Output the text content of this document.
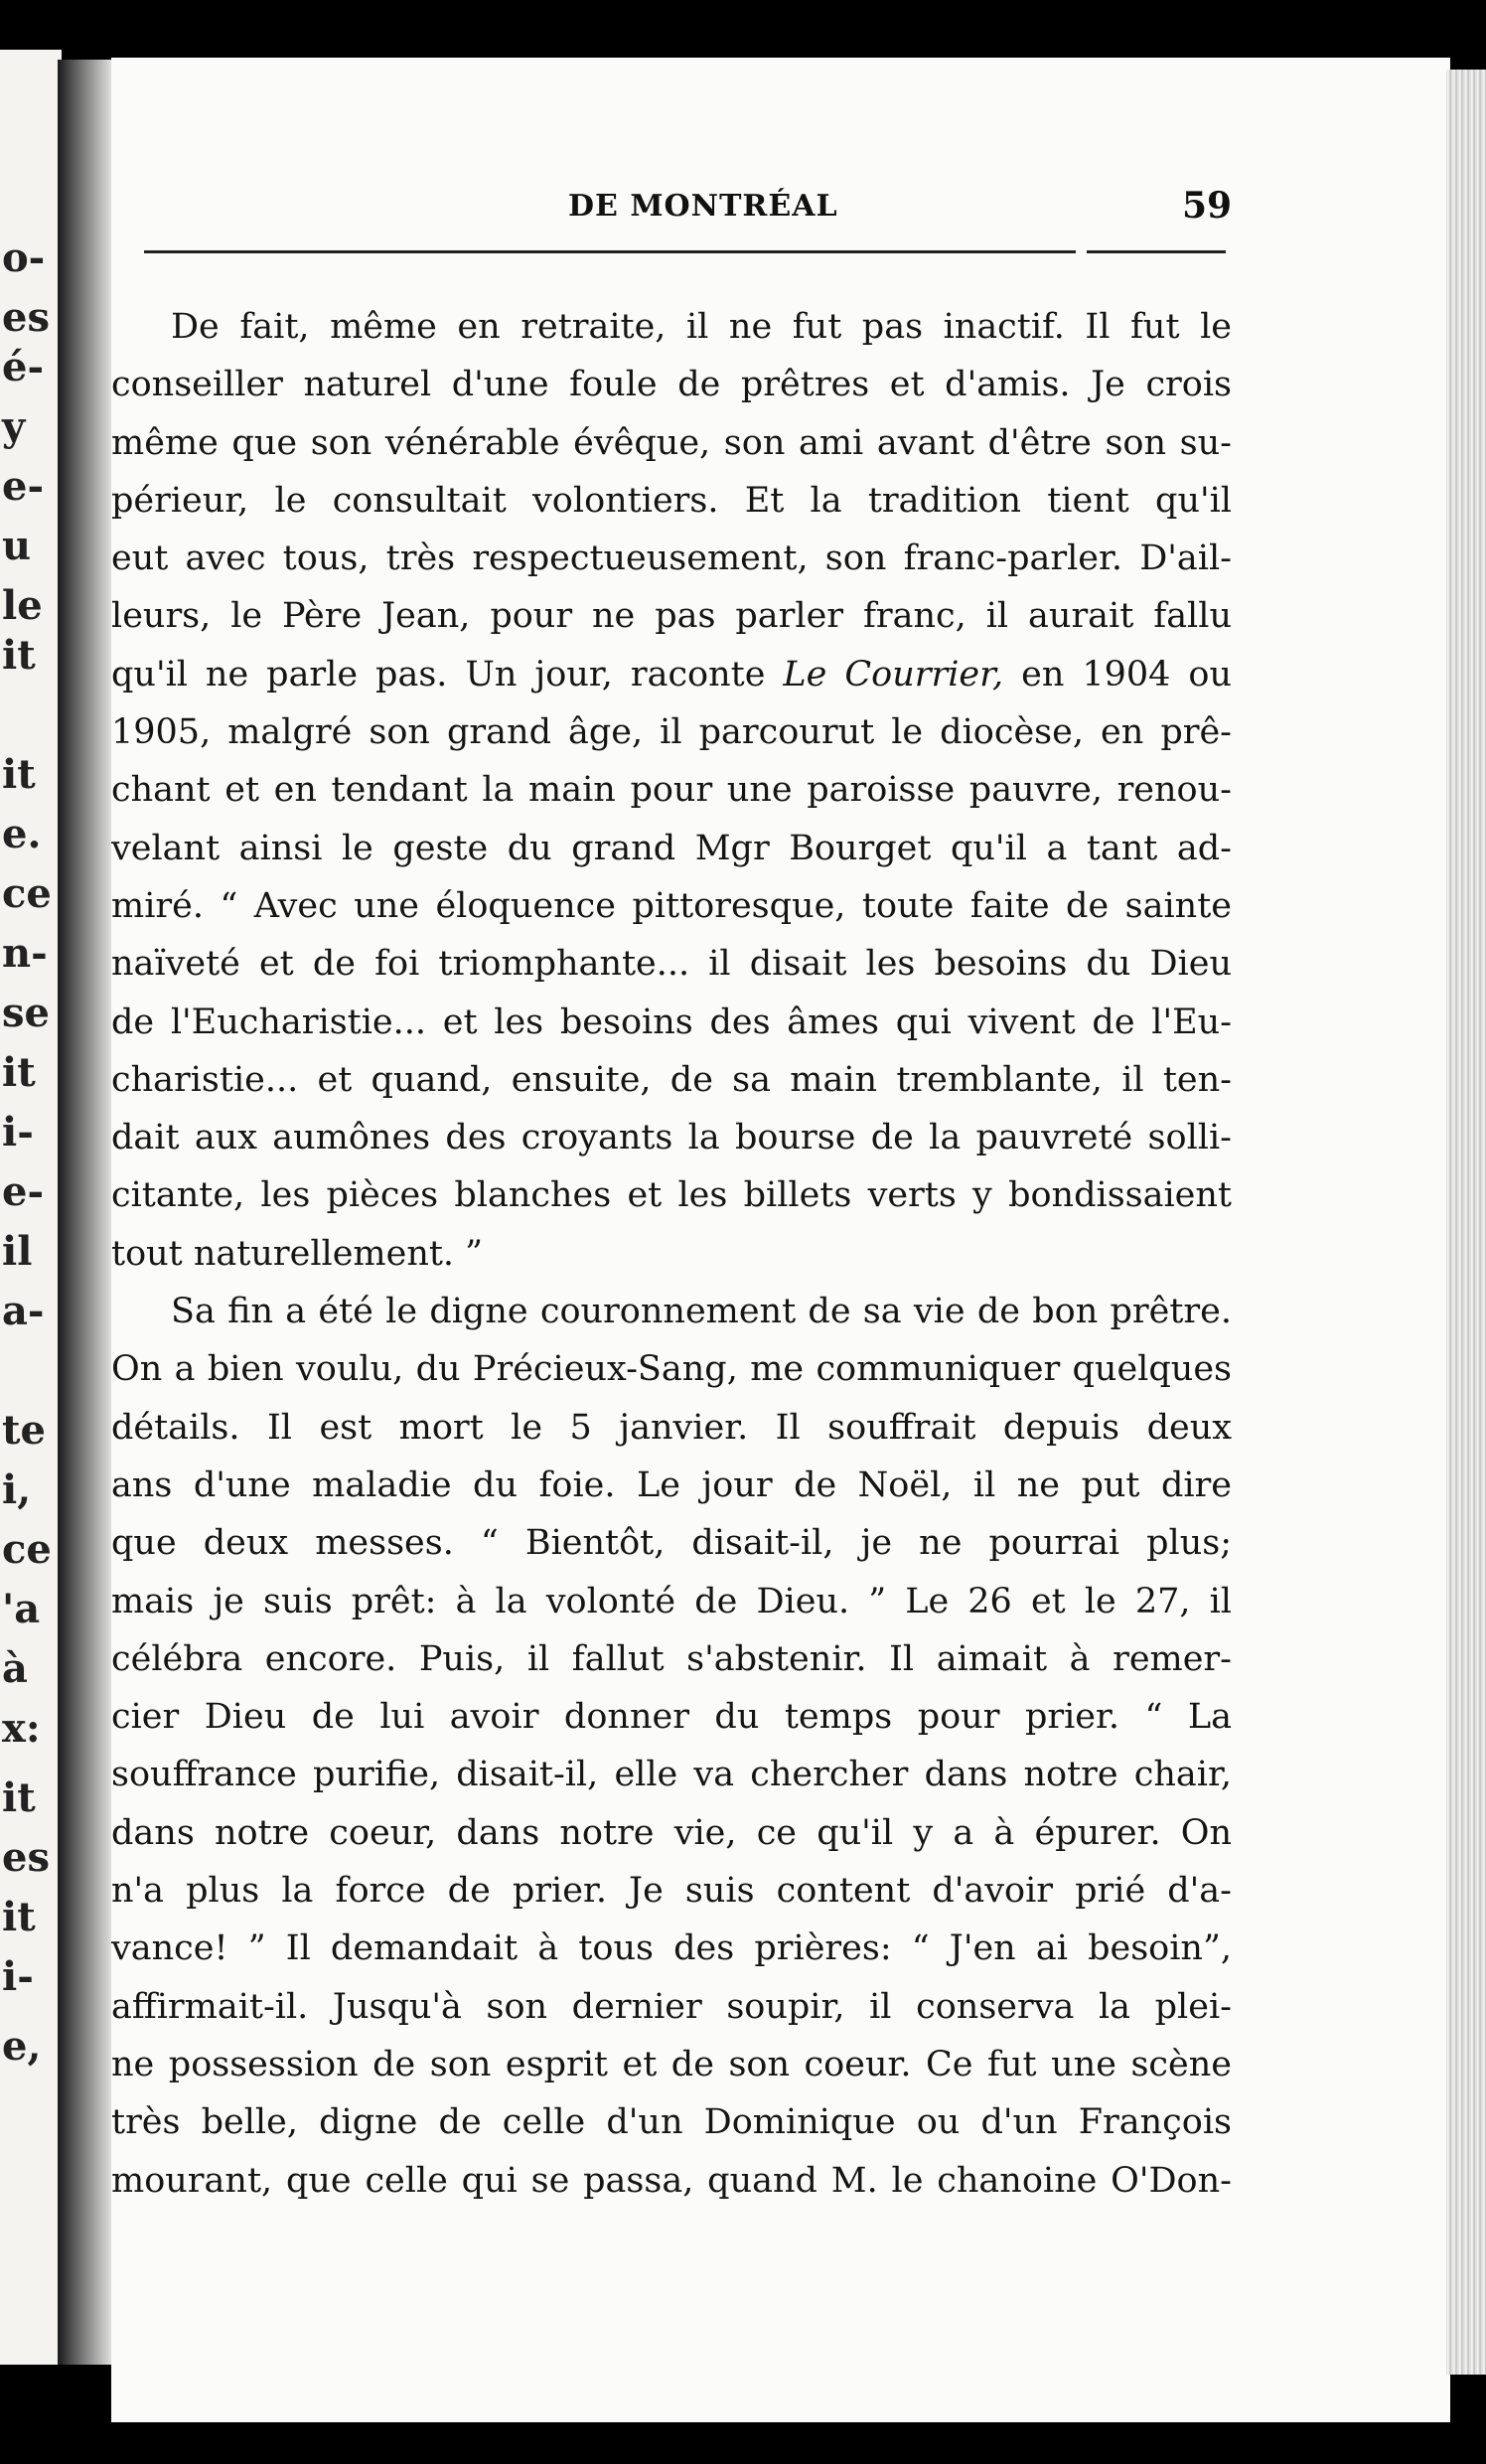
o-
es
é-
y
e-
u
le
it
it
e.
ce
n-
se
it
i-
e-
il
a-
te
i,
ce
'a
à
x:
it
es
it
i-
e,
DE MONTRÉAL	59
De fait, même en retraite, il ne fut pas inactif. Il fut le
conseiller naturel d'une foule de prêtres et d'amis. Je crois
même que son vénérable évêque, son ami avant d'être son su-
périeur, le consultait volontiers. Et la tradition tient qu'il
eut avec tous, très respectueusement, son franc-parler. D'ail-
leurs, le Père Jean, pour ne pas parler franc, il aurait fallu
qu'il ne parle pas. Un jour, raconte Le Courrier, en 1904 ou
1905, malgré son grand âge, il parcourut le diocèse, en prê-
chant et en tendant la main pour une paroisse pauvre, renou-
velant ainsi le geste du grand Mgr Bourget qu'il a tant ad-
miré. “ Avec une éloquence pittoresque, toute faite de sainte
naïveté et de foi triomphante... il disait les besoins du Dieu
de l'Eucharistie... et les besoins des âmes qui vivent de l'Eu-
charistie... et quand, ensuite, de sa main tremblante, il ten-
dait aux aumônes des croyants la bourse de la pauvreté solli-
citante, les pièces blanches et les billets verts y bondissaient
tout naturellement. ”
Sa fin a été le digne couronnement de sa vie de bon prêtre.
On a bien voulu, du Précieux-Sang, me communiquer quelques
détails. Il est mort le 5 janvier. Il souffrait depuis deux
ans d'une maladie du foie. Le jour de Noël, il ne put dire
que deux messes. “ Bientôt, disait-il, je ne pourrai plus;
mais je suis prêt: à la volonté de Dieu. ” Le 26 et le 27, il
célébra encore. Puis, il fallut s'abstenir. Il aimait à remer-
cier Dieu de lui avoir donner du temps pour prier. “ La
souffrance purifie, disait-il, elle va chercher dans notre chair,
dans notre coeur, dans notre vie, ce qu'il y a à épurer. On
n'a plus la force de prier. Je suis content d'avoir prié d'a-
vance! ” Il demandait à tous des prières: “ J'en ai besoin”,
affirmait-il. Jusqu'à son dernier soupir, il conserva la plei-
ne possession de son esprit et de son coeur. Ce fut une scène
très belle, digne de celle d'un Dominique ou d'un François
mourant, que celle qui se passa, quand M. le chanoine O'Don-
